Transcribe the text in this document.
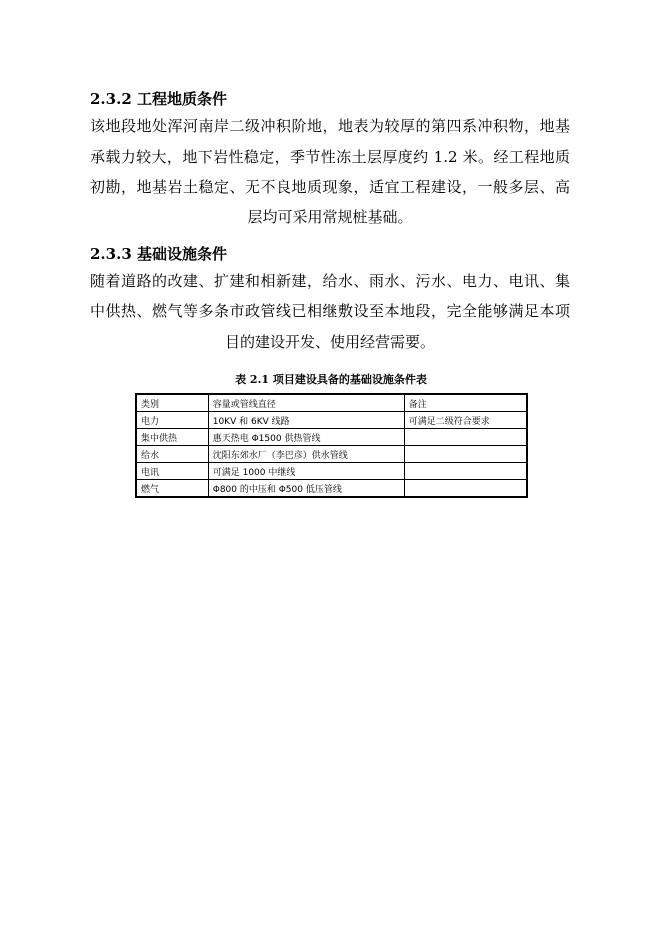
2.3.2 工程地质条件
该地段地处浑河南岸二级冲积阶地，地表为较厚的第四系冲积物，地基
承载力较大，地下岩性稳定，季节性冻土层厚度约 1.2 米。经工程地质
初勘，地基岩土稳定、无不良地质现象，适宜工程建设，一般多层、高
层均可采用常规桩基础。
2.3.3 基础设施条件
随着道路的改建、扩建和相新建，给水、雨水、污水、电力、电讯、集
中供热、燃气等多条市政管线已相继敷设至本地段，完全能够满足本项
目的建设开发、使用经营需要。
表 2.1 项目建设具备的基础设施条件表
类别	容量或管线直径	备注
电力	10KV 和 6KV 线路	可满足二级符合要求
集中供热	惠天热电 Φ1500 供热管线	
给水	沈阳东郊水厂（李巴彦）供水管线	
电讯	可满足 1000 中继线	
燃气	Φ800 的中压和 Φ500 低压管线	
